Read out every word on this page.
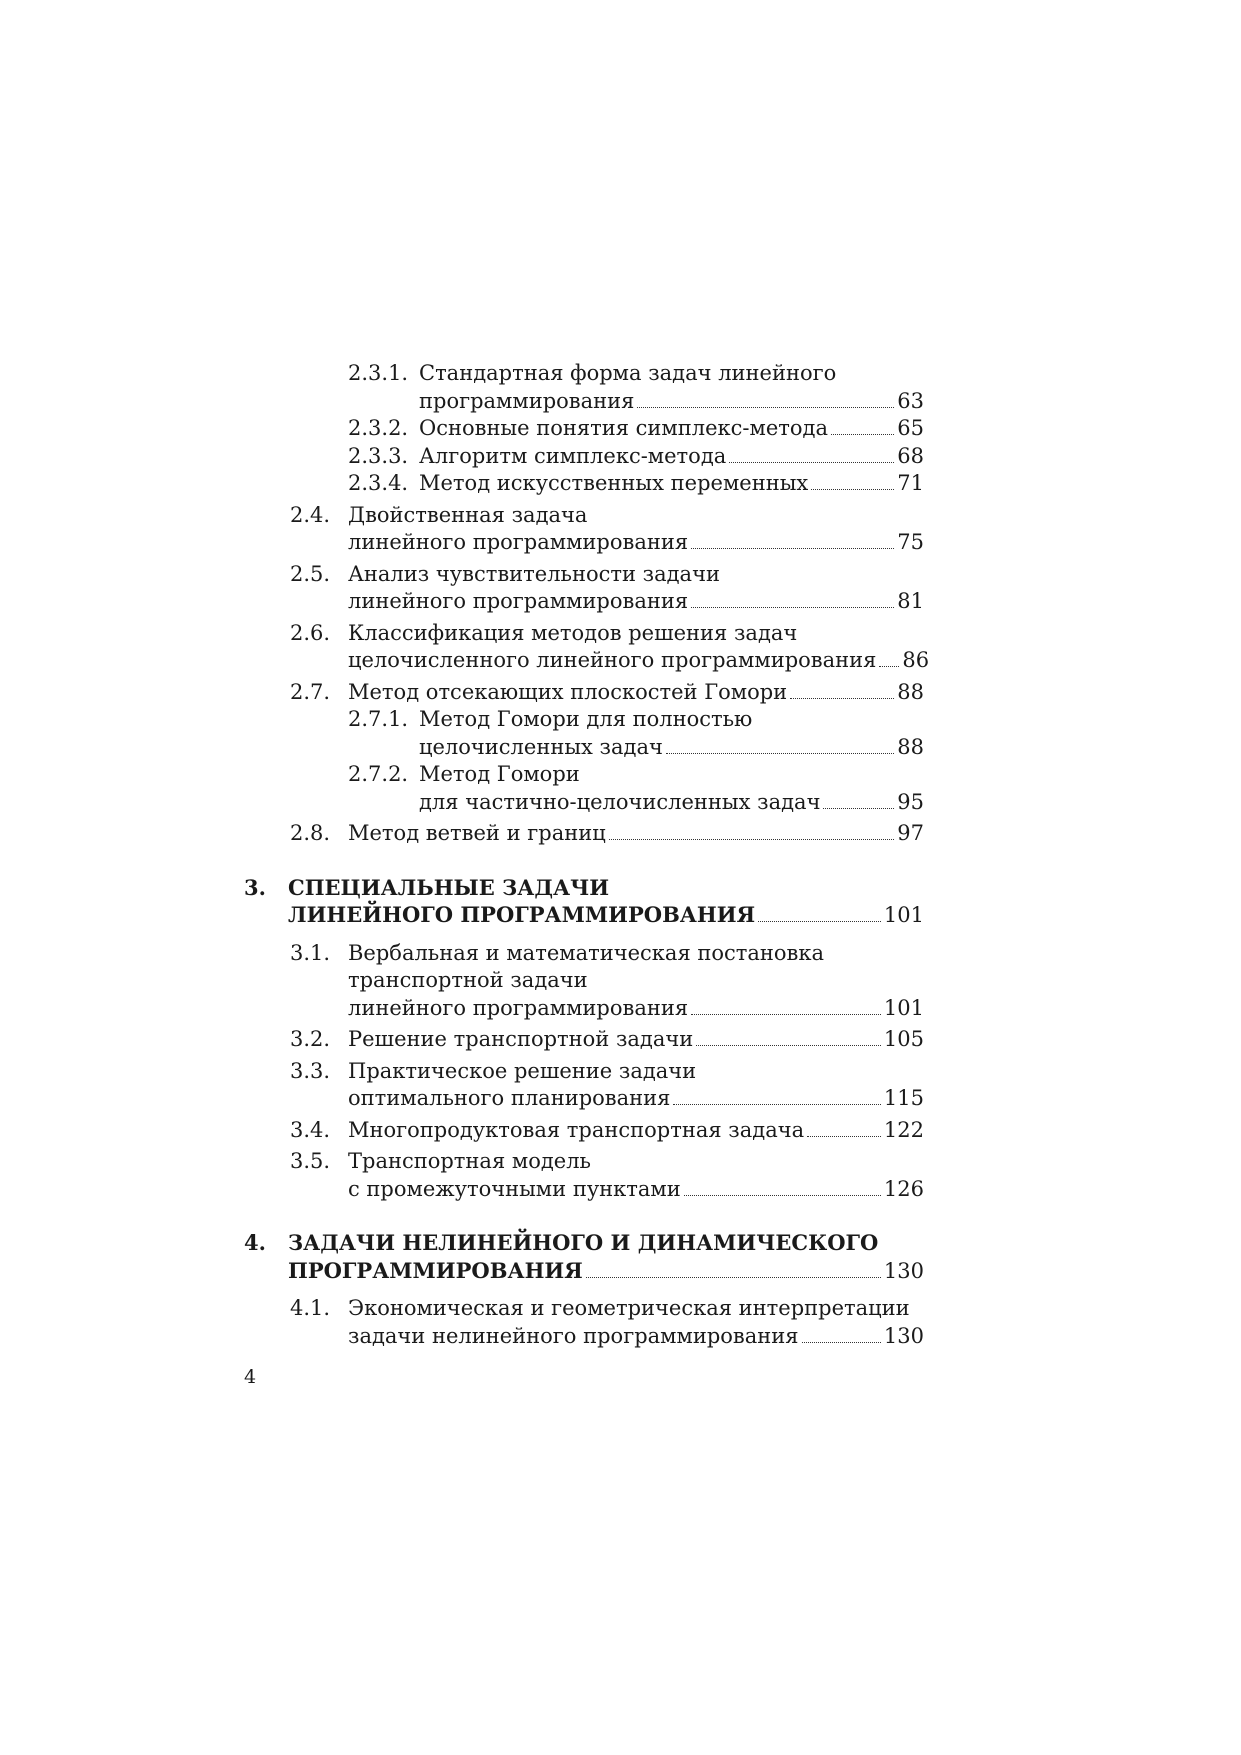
2.3.1. Стандартная форма задач линейного
программирования	63
2.3.2. Основные понятия симплекс-метода	65
2.3.3. Алгоритм симплекс-метода	68
2.3.4. Метод искусственных переменных	71
2.4. Двойственная задача
линейного программирования	75
2.5. Анализ чувствительности задачи
линейного программирования	81
2.6. Классификация методов решения задач
целочисленного линейного программирования 86
2.7. Метод отсекающих плоскостей Гомори	88
2.7.1. Метод Гомори для полностью
целочисленных задач	88
2.7.2. Метод Гомори
для частично-целочисленных задач	95
2.8. Метод ветвей и границ	97
3. СПЕЦИАЛЬНЫЕ ЗАДАЧИ
ЛИНЕЙНОГО ПРОГРАММИРОВАНИЯ	101
3.1. Вербальная и математическая постановка
транспортной задачи
линейного программирования	101
3.2. Решение транспортной задачи	105
3.3. Практическое решение задачи
оптимального планирования	115
3.4. Многопродуктовая транспортная задача	122
3.5. Транспортная модель
с промежуточными пунктами	126
4. ЗАДАЧИ НЕЛИНЕЙНОГО И ДИНАМИЧЕСКОГО
ПРОГРАММИРОВАНИЯ	130
4.1. Экономическая и геометрическая интерпретации
задачи нелинейного программирования	130
4
